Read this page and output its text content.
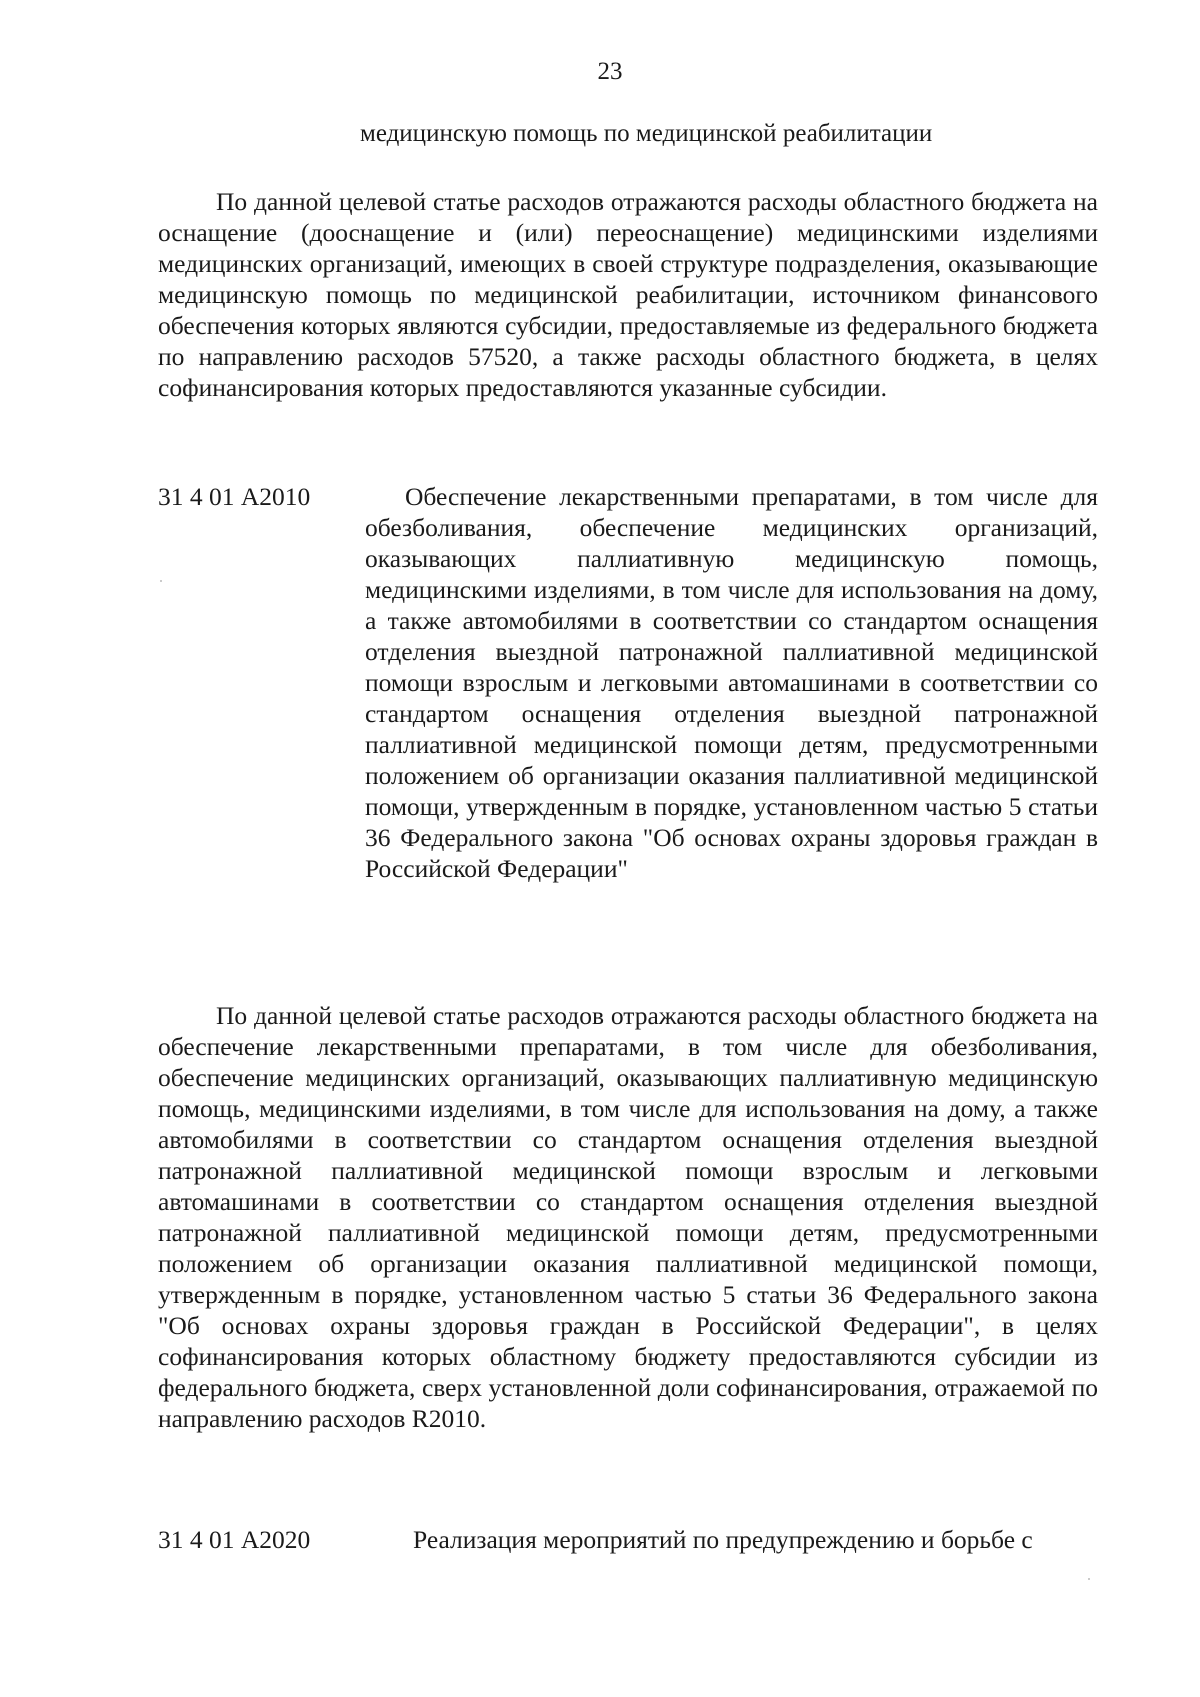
23
медицинскую помощь по медицинской реабилитации

По данной целевой статье расходов отражаются расходы областного бюджета на оснащение (дооснащение и (или) переоснащение) медицинскими изделиями медицинских организаций, имеющих в своей структуре подразделения, оказывающие медицинскую помощь по медицинской реабилитации, источником финансового обеспечения которых являются субсидии, предоставляемые из федерального бюджета по направлению расходов 57520, а также расходы областного бюджета, в целях софинансирования которых предоставляются указанные субсидии.

31 4 01 А2010	Обеспечение лекарственными препаратами, в том числе для обезболивания, обеспечение медицинских организаций, оказывающих паллиативную медицинскую помощь, медицинскими изделиями, в том числе для использования на дому, а также автомобилями в соответствии со стандартом оснащения отделения выездной патронажной паллиативной медицинской помощи взрослым и легковыми автомашинами в соответствии со стандартом оснащения отделения выездной патронажной паллиативной медицинской помощи детям, предусмотренными положением об организации оказания паллиативной медицинской помощи, утвержденным в порядке, установленном частью 5 статьи 36 Федерального закона "Об основах охраны здоровья граждан в Российской Федерации"

По данной целевой статье расходов отражаются расходы областного бюджета на обеспечение лекарственными препаратами, в том числе для обезболивания, обеспечение медицинских организаций, оказывающих паллиативную медицинскую помощь, медицинскими изделиями, в том числе для использования на дому, а также автомобилями в соответствии со стандартом оснащения отделения выездной патронажной паллиативной медицинской помощи взрослым и легковыми автомашинами в соответствии со стандартом оснащения отделения выездной патронажной паллиативной медицинской помощи детям, предусмотренными положением об организации оказания паллиативной медицинской помощи, утвержденным в порядке, установленном частью 5 статьи 36 Федерального закона "Об основах охраны здоровья граждан в Российской Федерации", в целях софинансирования которых областному бюджету предоставляются субсидии из федерального бюджета, сверх установленной доли софинансирования, отражаемой по направлению расходов R2010.

31 4 01 А2020	Реализация мероприятий по предупреждению и борьбе с
